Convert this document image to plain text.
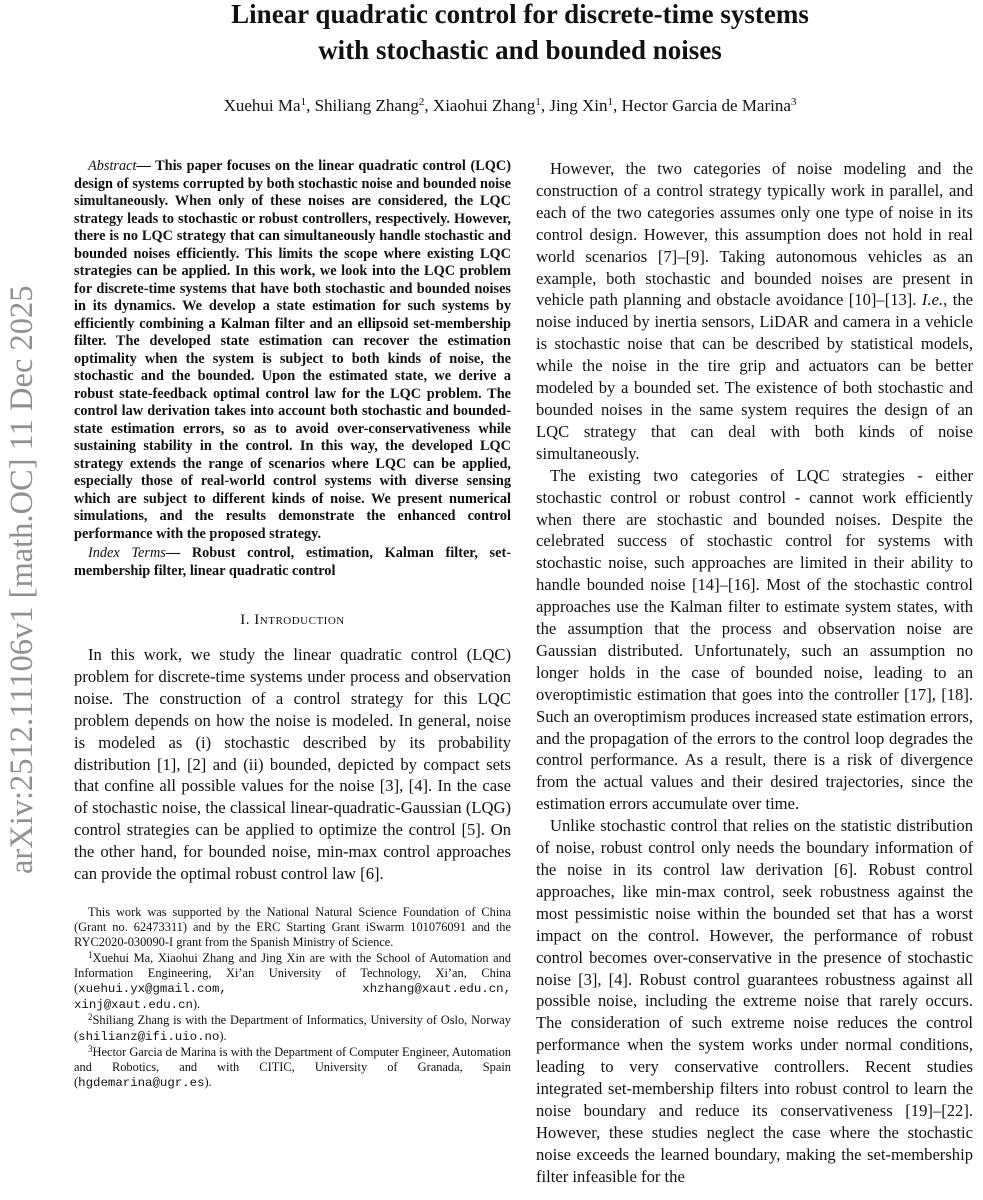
arXiv:2512.11106v1 [math.OC] 11 Dec 2025
Linear quadratic control for discrete-time systems
with stochastic and bounded noises
Xuehui Ma$^1$, Shiliang Zhang$^2$, Xiaohui Zhang$^1$, Jing Xin$^1$, Hector Garcia de Marina$^3$

Abstract— This paper focuses on the linear quadratic control (LQC) design of systems corrupted by both stochastic noise and bounded noise simultaneously. When only of these noises are considered, the LQC strategy leads to stochastic or robust controllers, respectively. However, there is no LQC strategy that can simultaneously handle stochastic and bounded noises efficiently. This limits the scope where existing LQC strategies can be applied. In this work, we look into the LQC problem for discrete-time systems that have both stochastic and bounded noises in its dynamics. We develop a state estimation for such systems by efficiently combining a Kalman filter and an ellipsoid set-membership filter. The developed state estimation can recover the estimation optimality when the system is subject to both kinds of noise, the stochastic and the bounded. Upon the estimated state, we derive a robust state-feedback optimal control law for the LQC problem. The control law derivation takes into account both stochastic and bounded-state estimation errors, so as to avoid over-conservativeness while sustaining stability in the control. In this way, the developed LQC strategy extends the range of scenarios where LQC can be applied, especially those of real-world control systems with diverse sensing which are subject to different kinds of noise. We present numerical simulations, and the results demonstrate the enhanced control performance with the proposed strategy.

Index Terms— Robust control, estimation, Kalman filter, set-membership filter, linear quadratic control

I. Introduction

In this work, we study the linear quadratic control (LQC) problem for discrete-time systems under process and observation noise. The construction of a control strategy for this LQC problem depends on how the noise is modeled. In general, noise is modeled as (i) stochastic described by its probability distribution [1], [2] and (ii) bounded, depicted by compact sets that confine all possible values for the noise [3], [4]. In the case of stochastic noise, the classical linear-quadratic-Gaussian (LQG) control strategies can be applied to optimize the control [5]. On the other hand, for bounded noise, min-max control approaches can provide the optimal robust control law [6].

This work was supported by the National Natural Science Foundation of China (Grant no. 62473311) and by the ERC Starting Grant iSwarm 101076091 and the RYC2020-030090-I grant from the Spanish Ministry of Science.

$^1$Xuehui Ma, Xiaohui Zhang and Jing Xin are with the School of Automation and Information Engineering, Xi’an University of Technology, Xi’an, China (xuehui.yx@gmail.com, xhzhang@xaut.edu.cn, xinj@xaut.edu.cn).

$^2$Shiliang Zhang is with the Department of Informatics, University of Oslo, Norway (shilianz@ifi.uio.no).

$^3$Hector Garcia de Marina is with the Department of Computer Engineer, Automation and Robotics, and with CITIC, University of Granada, Spain (hgdemarina@ugr.es).

However, the two categories of noise modeling and the construction of a control strategy typically work in parallel, and each of the two categories assumes only one type of noise in its control design. However, this assumption does not hold in real world scenarios [7]–[9]. Taking autonomous vehicles as an example, both stochastic and bounded noises are present in vehicle path planning and obstacle avoidance [10]–[13]. I.e., the noise induced by inertia sensors, LiDAR and camera in a vehicle is stochastic noise that can be described by statistical models, while the noise in the tire grip and actuators can be better modeled by a bounded set. The existence of both stochastic and bounded noises in the same system requires the design of an LQC strategy that can deal with both kinds of noise simultaneously.

The existing two categories of LQC strategies - either stochastic control or robust control - cannot work efficiently when there are stochastic and bounded noises. Despite the celebrated success of stochastic control for systems with stochastic noise, such approaches are limited in their ability to handle bounded noise [14]–[16]. Most of the stochastic control approaches use the Kalman filter to estimate system states, with the assumption that the process and observation noise are Gaussian distributed. Unfortunately, such an assumption no longer holds in the case of bounded noise, leading to an overoptimistic estimation that goes into the controller [17], [18]. Such an overoptimism produces increased state estimation errors, and the propagation of the errors to the control loop degrades the control performance. As a result, there is a risk of divergence from the actual values and their desired trajectories, since the estimation errors accumulate over time.

Unlike stochastic control that relies on the statistic distribution of noise, robust control only needs the boundary information of the noise in its control law derivation [6]. Robust control approaches, like min-max control, seek robustness against the most pessimistic noise within the bounded set that has a worst impact on the control. However, the performance of robust control becomes over-conservative in the presence of stochastic noise [3], [4]. Robust control guarantees robustness against all possible noise, including the extreme noise that rarely occurs. The consideration of such extreme noise reduces the control performance when the system works under normal conditions, leading to very conservative controllers. Recent studies integrated set-membership filters into robust control to learn the noise boundary and reduce its conservativeness [19]–[22]. However, these studies neglect the case where the stochastic noise exceeds the learned boundary, making the set-membership filter infeasible for the
